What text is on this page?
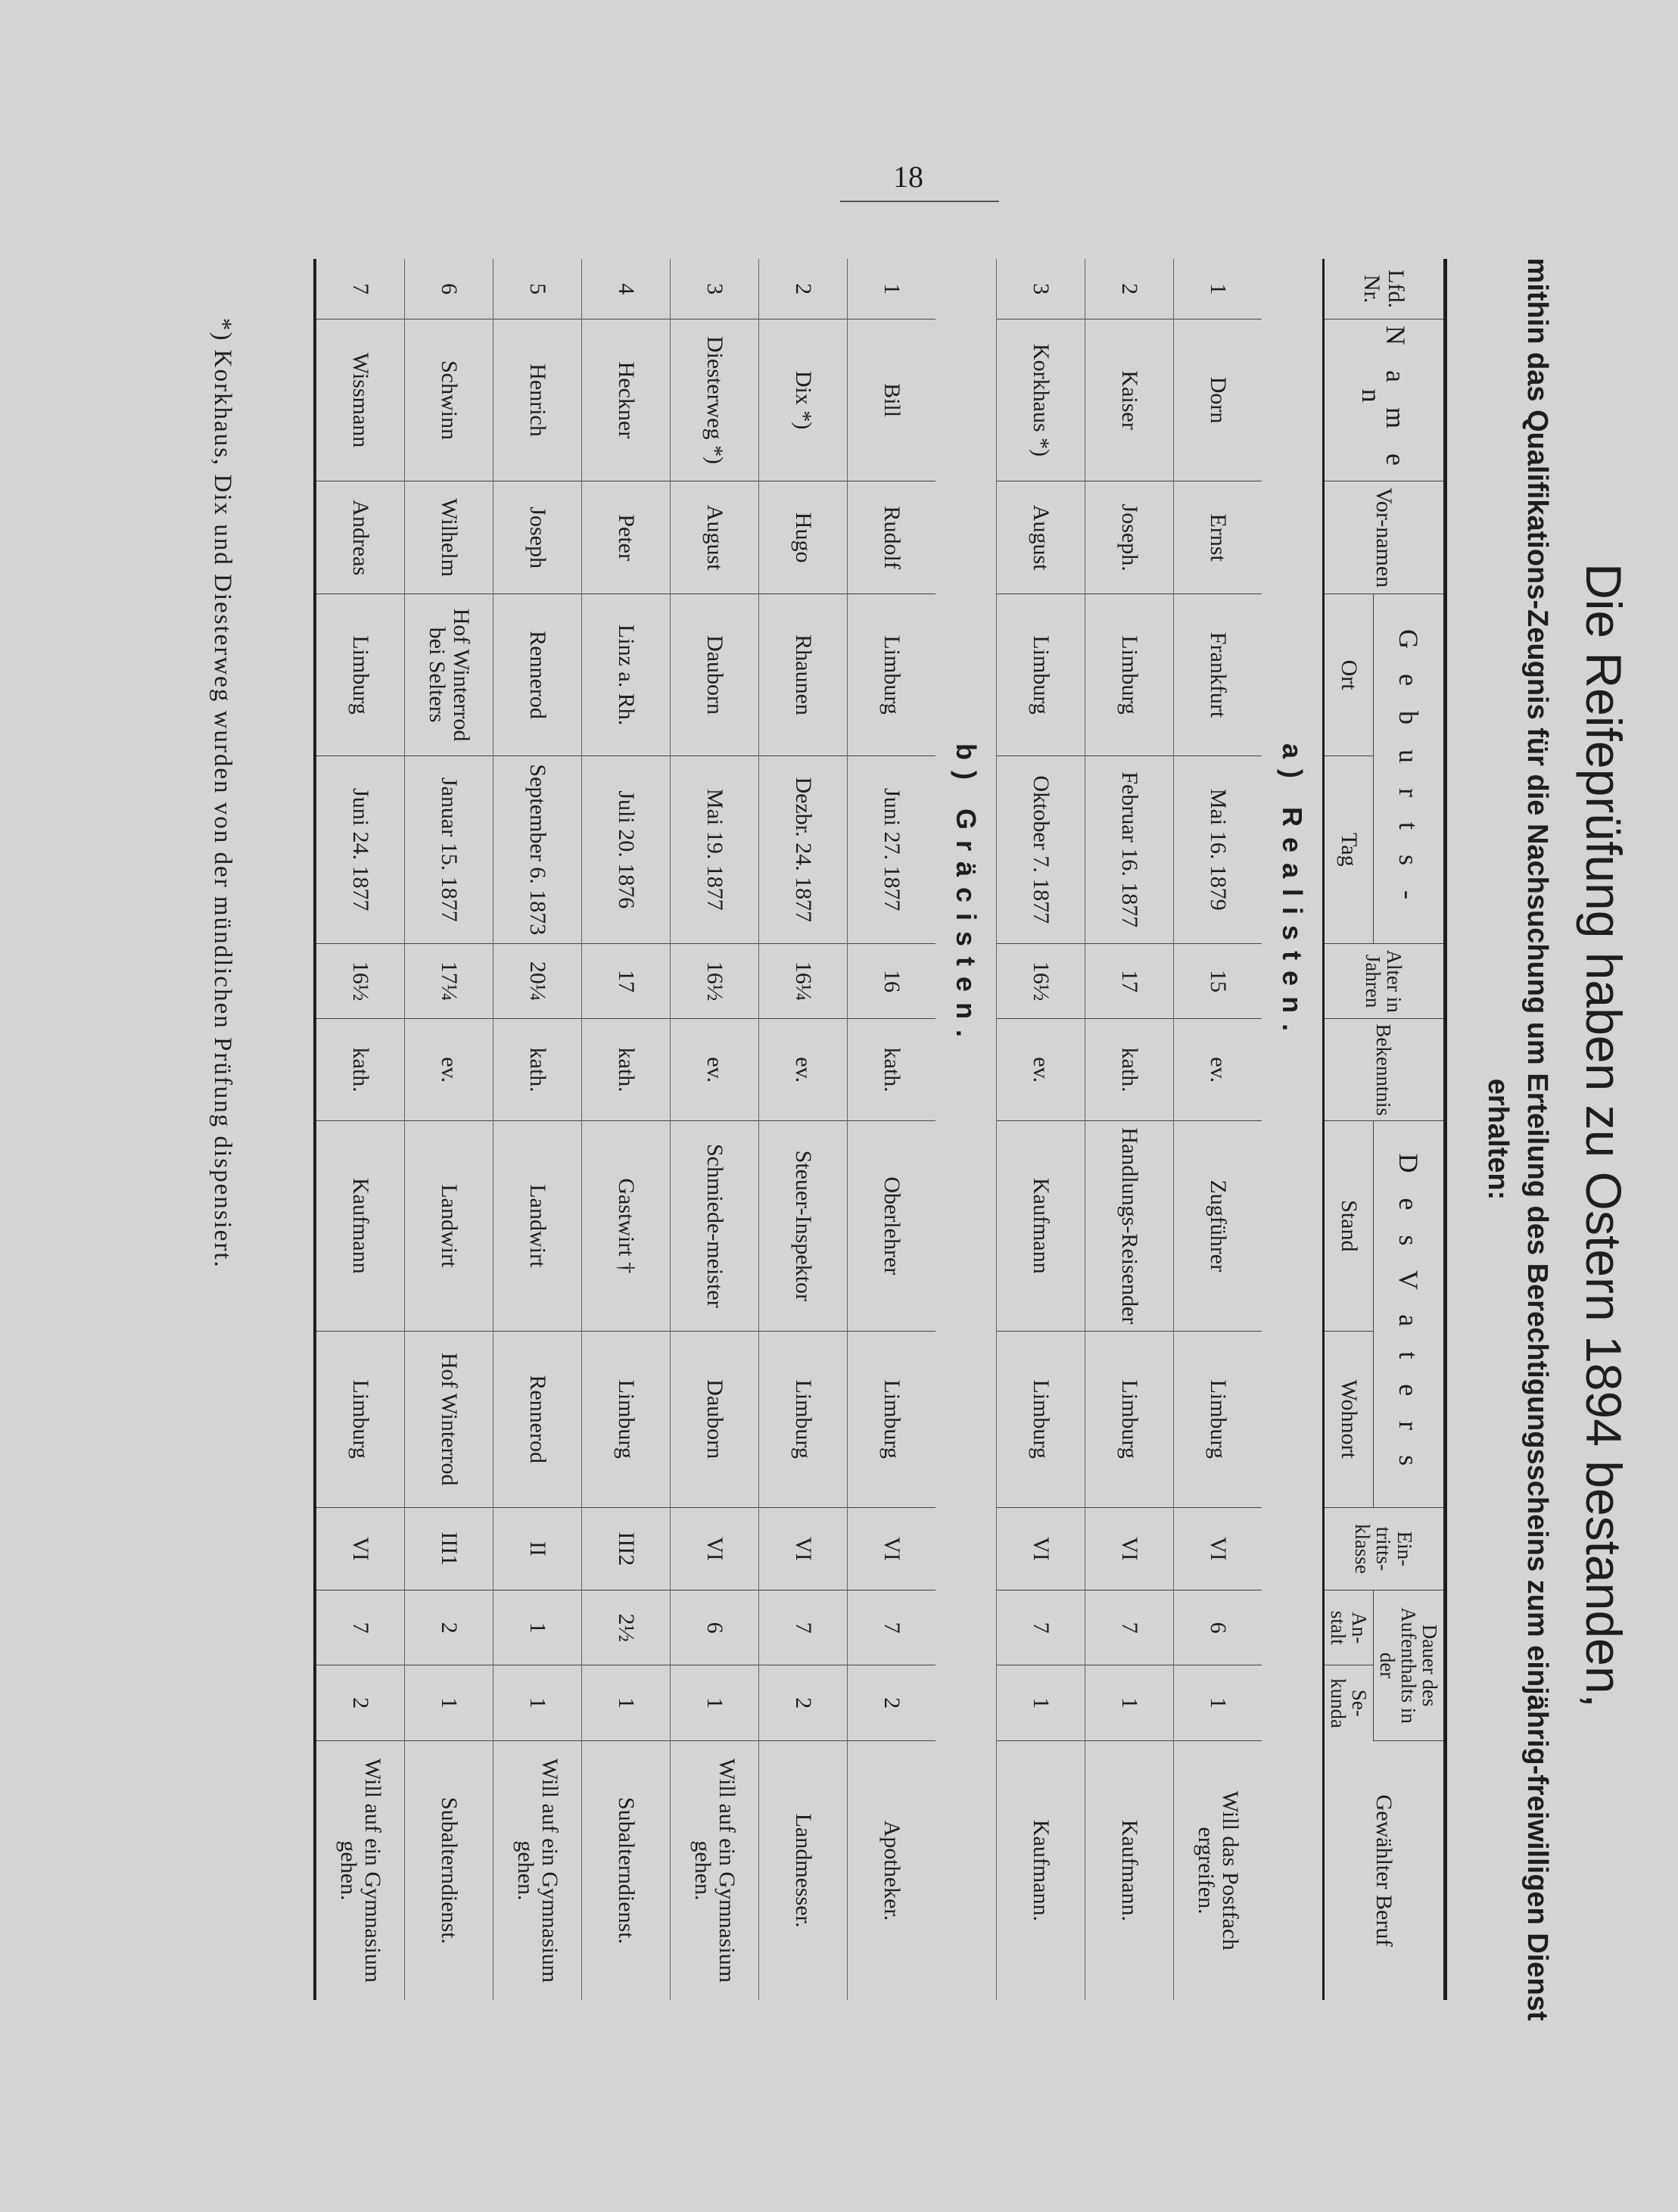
18
Die Reifeprüfung haben zu Ostern 1894 bestanden,
mithin das Qualifikations-Zeugnis für die Nachsuchung um Erteilung des Berechtigungsscheins zum einjährig-freiwilligen Dienst erhalten:
Lfd. Nr.	N a m e n	Vor-namen	G e b u r t s -		Alter in Jahren	Bekenntnis	D e s V a t e r s		Ein-tritts-klasse	Dauer des Aufenthalts in der		Gewählter Beruf
			Ort	Tag			Stand	Wohnort		An-stalt	Se-kunda	
a) Realisten.												
1	Dorn	Ernst	Frankfurt	Mai 16. 1879	15	ev.	Zugführer	Limburg	VI	6	1	Will das Postfach ergreifen.
2	Kaiser	Joseph.	Limburg	Februar 16. 1877	17	kath.	Handlungs-Reisender	Limburg	VI	7	1	Kaufmann.
3	Korkhaus *)	August	Limburg	Oktober 7. 1877	16½	ev.	Kaufmann	Limburg	VI	7	1	Kaufmann.
b) Gräcisten.												
1	Bill	Rudolf	Limburg	Juni 27. 1877	16	kath.	Oberlehrer	Limburg	VI	7	2	Apotheker.
2	Dix *)	Hugo	Rhaunen	Dezbr. 24. 1877	16¼	ev.	Steuer-Inspektor	Limburg	VI	7	2	Landmesser.
3	Diesterweg *)	August	Dauborn	Mai 19. 1877	16½	ev.	Schmiede-meister	Dauborn	VI	6	1	Will auf ein Gymnasium gehen.
4	Heckner	Peter	Linz a. Rh.	Juli 20. 1876	17	kath.	Gastwirt †	Limburg	III2	2½	1	Subalterndienst.
5	Henrich	Joseph	Rennerod	September 6. 1873	20¼	kath.	Landwirt	Rennerod	II	1	1	Will auf ein Gymnasium gehen.
6	Schwinn	Wilhelm	Hof Winterrod bei Selters	Januar 15. 1877	17¼	ev.	Landwirt	Hof Winterrod	III1	2	1	Subalterndienst.
7	Wissmann	Andreas	Limburg	Juni 24. 1877	16½	kath.	Kaufmann	Limburg	VI	7	2	Will auf ein Gymnasium gehen.
*) Korkhaus, Dix und Diesterweg wurden von der mündlichen Prüfung dispensiert.
